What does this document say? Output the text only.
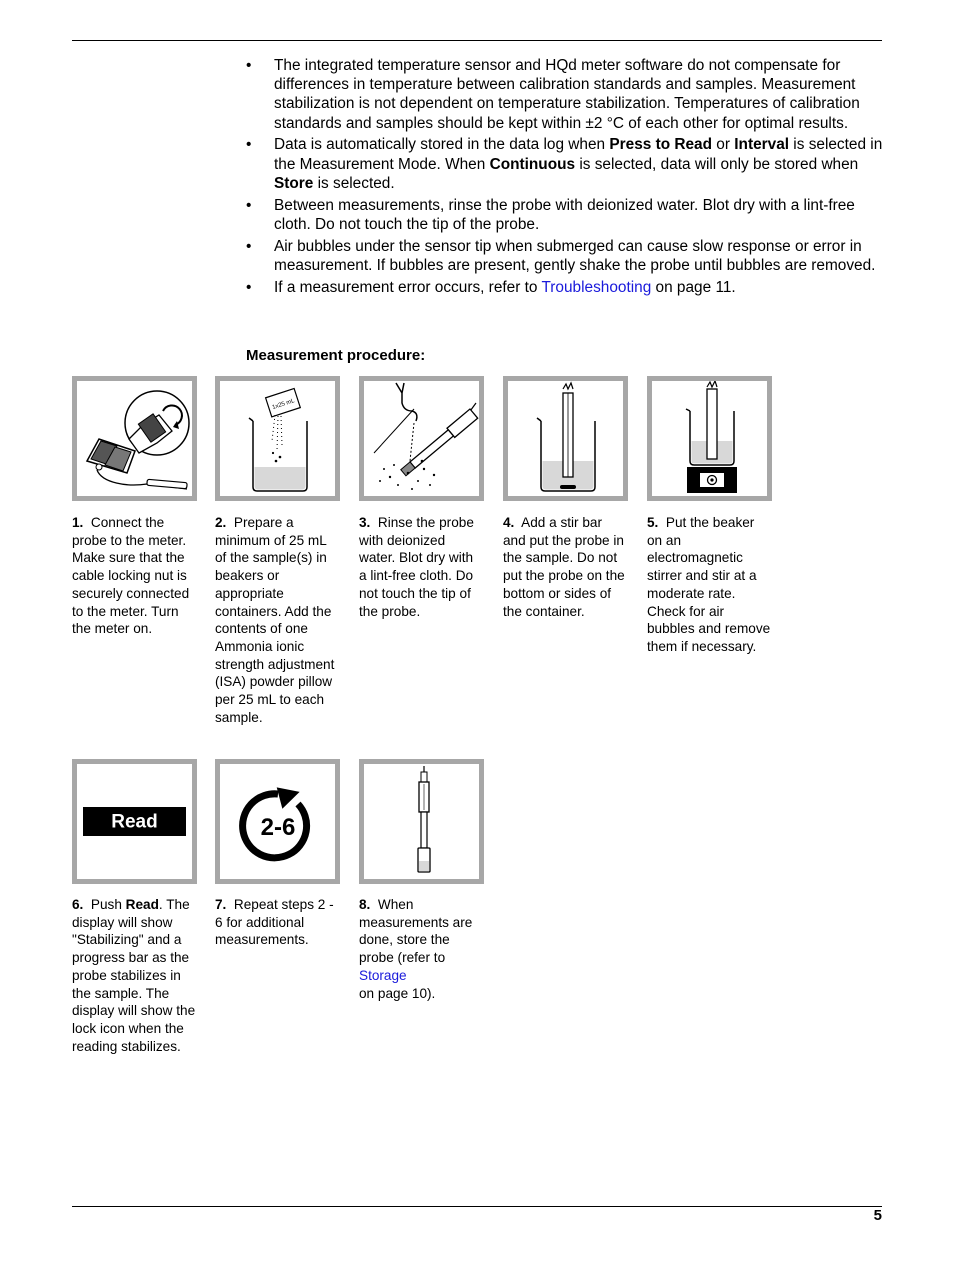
• The integrated temperature sensor and HQd meter software do not compensate for differences in temperature between calibration standards and samples. Measurement stabilization is not dependent on temperature stabilization. Temperatures of calibration standards and samples should be kept within ±2 °C of each other for optimal results.
• Data is automatically stored in the data log when Press to Read or Interval is selected in the Measurement Mode. When Continuous is selected, data will only be stored when Store is selected.
• Between measurements, rinse the probe with deionized water. Blot dry with a lint-free cloth. Do not touch the tip of the probe.
• Air bubbles under the sensor tip when submerged can cause slow response or error in measurement. If bubbles are present, gently shake the probe until bubbles are removed.
• If a measurement error occurs, refer to Troubleshooting on page 11.
Measurement procedure:
1x25 mL
1. Connect the probe to the meter. Make sure that the cable locking nut is securely connected to the meter. Turn the meter on.
2. Prepare a minimum of 25 mL of the sample(s) in beakers or appropriate containers. Add the contents of one Ammonia ionic strength adjustment (ISA) powder pillow per 25 mL to each sample.
3. Rinse the probe with deionized water. Blot dry with a lint-free cloth. Do not touch the tip of the probe.
4. Add a stir bar and put the probe in the sample. Do not put the probe on the bottom or sides of the container.
5. Put the beaker on an electromagnetic stirrer and stir at a moderate rate. Check for air bubbles and remove them if necessary.
Read	2-6
6. Push Read. The display will show "Stabilizing" and a progress bar as the probe stabilizes in the sample. The display will show the lock icon when the reading stabilizes.
7. Repeat steps 2 - 6 for additional measurements.
8. When measurements are done, store the probe (refer to Storage
on page 10).
5
